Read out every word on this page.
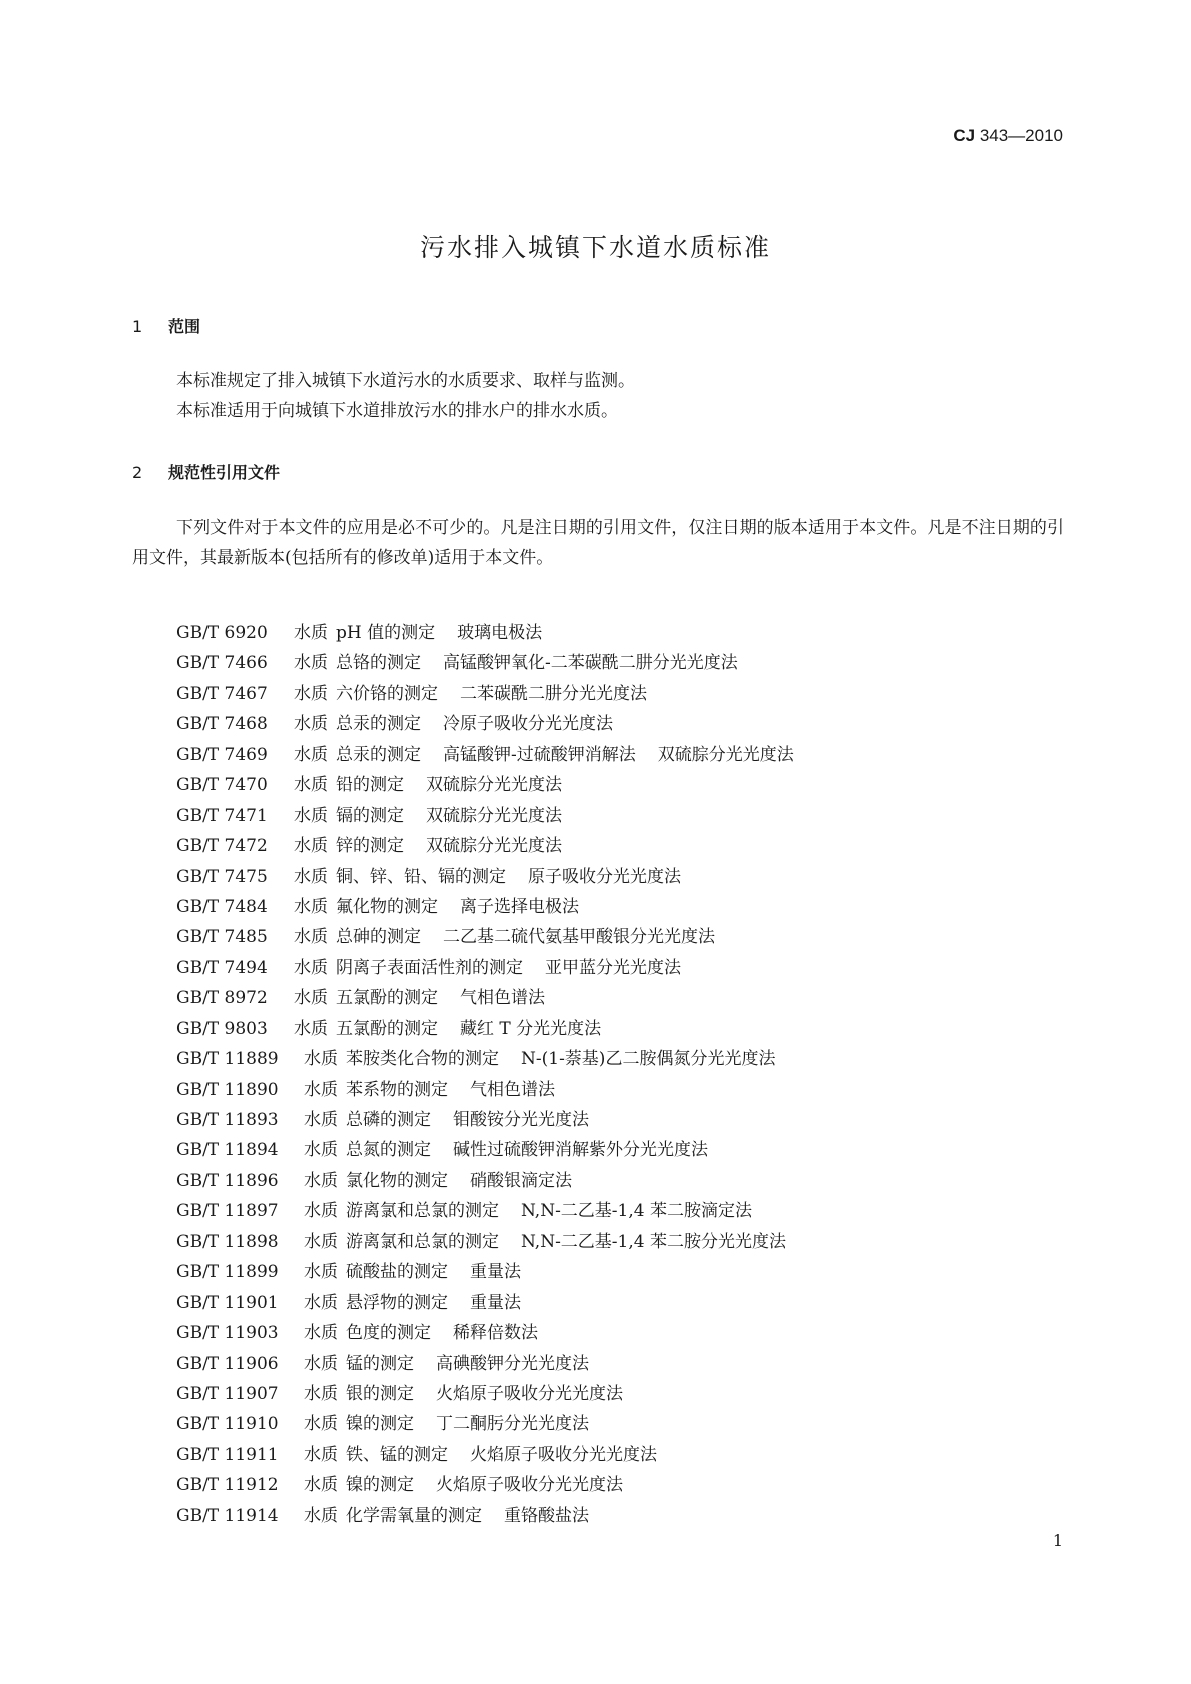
CJ 343—2010
污水排入城镇下水道水质标准
1 范围

本标准规定了排入城镇下水道污水的水质要求、取样与监测。

本标准适用于向城镇下水道排放污水的排水户的排水水质。

2 规范性引用文件

下列文件对于本文件的应用是必不可少的。凡是注日期的引用文件，仅注日期的版本适用于本文件。凡是不注日期的引用文件，其最新版本(包括所有的修改单)适用于本文件。

GB/T 6920 水质 pH 值的测定 玻璃电极法
GB/T 7466 水质 总铬的测定 高锰酸钾氧化-二苯碳酰二肼分光光度法
GB/T 7467 水质 六价铬的测定 二苯碳酰二肼分光光度法
GB/T 7468 水质 总汞的测定 冷原子吸收分光光度法
GB/T 7469 水质 总汞的测定 高锰酸钾-过硫酸钾消解法 双硫腙分光光度法
GB/T 7470 水质 铅的测定 双硫腙分光光度法
GB/T 7471 水质 镉的测定 双硫腙分光光度法
GB/T 7472 水质 锌的测定 双硫腙分光光度法
GB/T 7475 水质 铜、锌、铅、镉的测定 原子吸收分光光度法
GB/T 7484 水质 氟化物的测定 离子选择电极法
GB/T 7485 水质 总砷的测定 二乙基二硫代氨基甲酸银分光光度法
GB/T 7494 水质 阴离子表面活性剂的测定 亚甲蓝分光光度法
GB/T 8972 水质 五氯酚的测定 气相色谱法
GB/T 9803 水质 五氯酚的测定 藏红 T 分光光度法
GB/T 11889 水质 苯胺类化合物的测定 N-(1-萘基)乙二胺偶氮分光光度法
GB/T 11890 水质 苯系物的测定 气相色谱法
GB/T 11893 水质 总磷的测定 钼酸铵分光光度法
GB/T 11894 水质 总氮的测定 碱性过硫酸钾消解紫外分光光度法
GB/T 11896 水质 氯化物的测定 硝酸银滴定法
GB/T 11897 水质 游离氯和总氯的测定 N,N-二乙基-1,4 苯二胺滴定法
GB/T 11898 水质 游离氯和总氯的测定 N,N-二乙基-1,4 苯二胺分光光度法
GB/T 11899 水质 硫酸盐的测定 重量法
GB/T 11901 水质 悬浮物的测定 重量法
GB/T 11903 水质 色度的测定 稀释倍数法
GB/T 11906 水质 锰的测定 高碘酸钾分光光度法
GB/T 11907 水质 银的测定 火焰原子吸收分光光度法
GB/T 11910 水质 镍的测定 丁二酮肟分光光度法
GB/T 11911 水质 铁、锰的测定 火焰原子吸收分光光度法
GB/T 11912 水质 镍的测定 火焰原子吸收分光光度法
GB/T 11914 水质 化学需氧量的测定 重铬酸盐法
1
